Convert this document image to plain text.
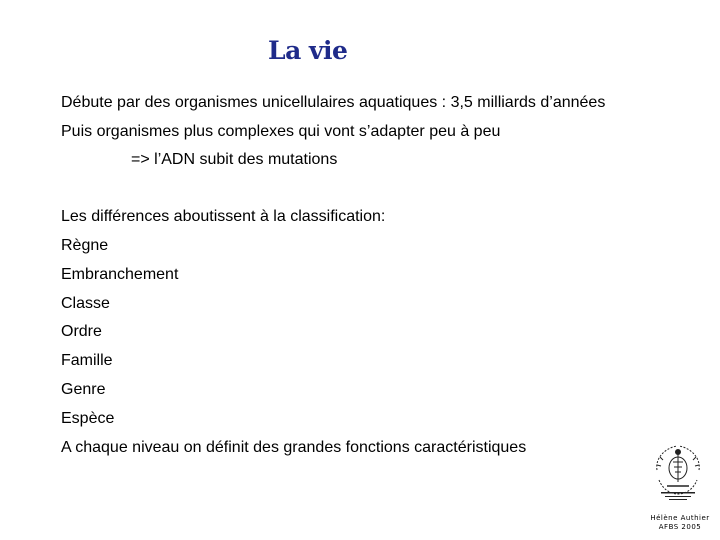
La vie
Débute par des organismes unicellulaires aquatiques : 3,5 milliards d’années
Puis organismes plus complexes qui vont s’adapter peu à peu
=> l’ADN subit des mutations
Les différences aboutissent à la classification:
Règne
Embranchement
Classe
Ordre
Famille
Genre
Espèce
A chaque niveau on définit des grandes fonctions caractéristiques
Hélène Authier
AFBS 2005
